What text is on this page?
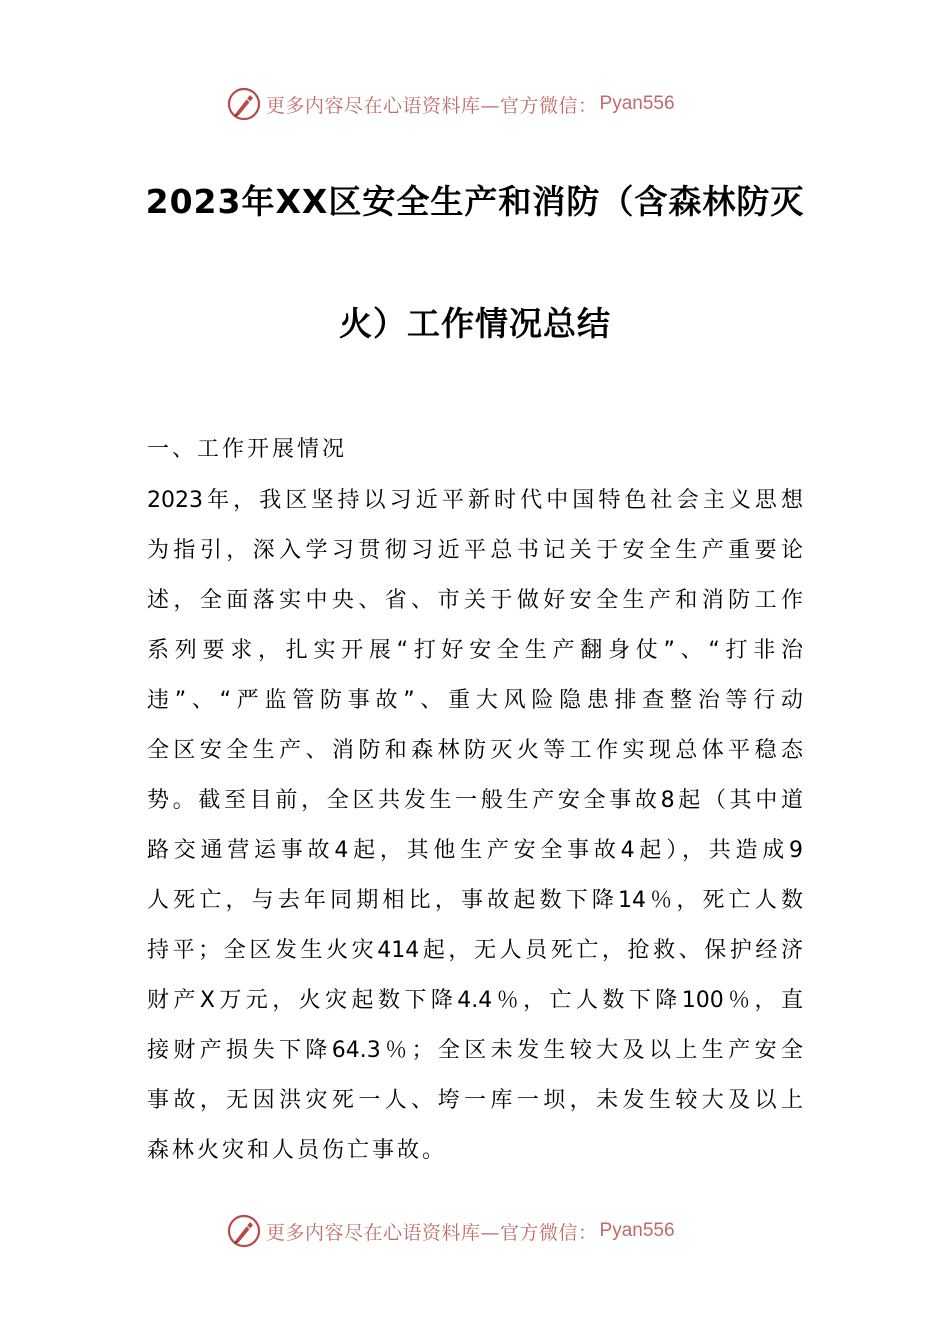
更多内容尽在心语资料库—官方微信： Pyan556
2023年XX区安全生产和消防（含森林防灭
火）工作情况总结
一、工作开展情况
2023年，我区坚持以习近平新时代中国特色社会主义思想
为指引，深入学习贯彻习近平总书记关于安全生产重要论
述，全面落实中央、省、市关于做好安全生产和消防工作
系列要求，扎实开展“打好安全生产翻身仗”、“打非治
违”、“严监管防事故”、重大风险隐患排查整治等行动
全区安全生产、消防和森林防灭火等工作实现总体平稳态
势。截至目前，全区共发生一般生产安全事故8起（其中道
路交通营运事故4起，其他生产安全事故4起），共造成9
人死亡，与去年同期相比，事故起数下降14％，死亡人数
持平；全区发生火灾414起，无人员死亡，抢救、保护经济
财产X万元，火灾起数下降4.4％，亡人数下降100％，直
接财产损失下降64.3％；全区未发生较大及以上生产安全
事故，无因洪灾死一人、垮一库一坝，未发生较大及以上
森林火灾和人员伤亡事故。
更多内容尽在心语资料库—官方微信： Pyan556
